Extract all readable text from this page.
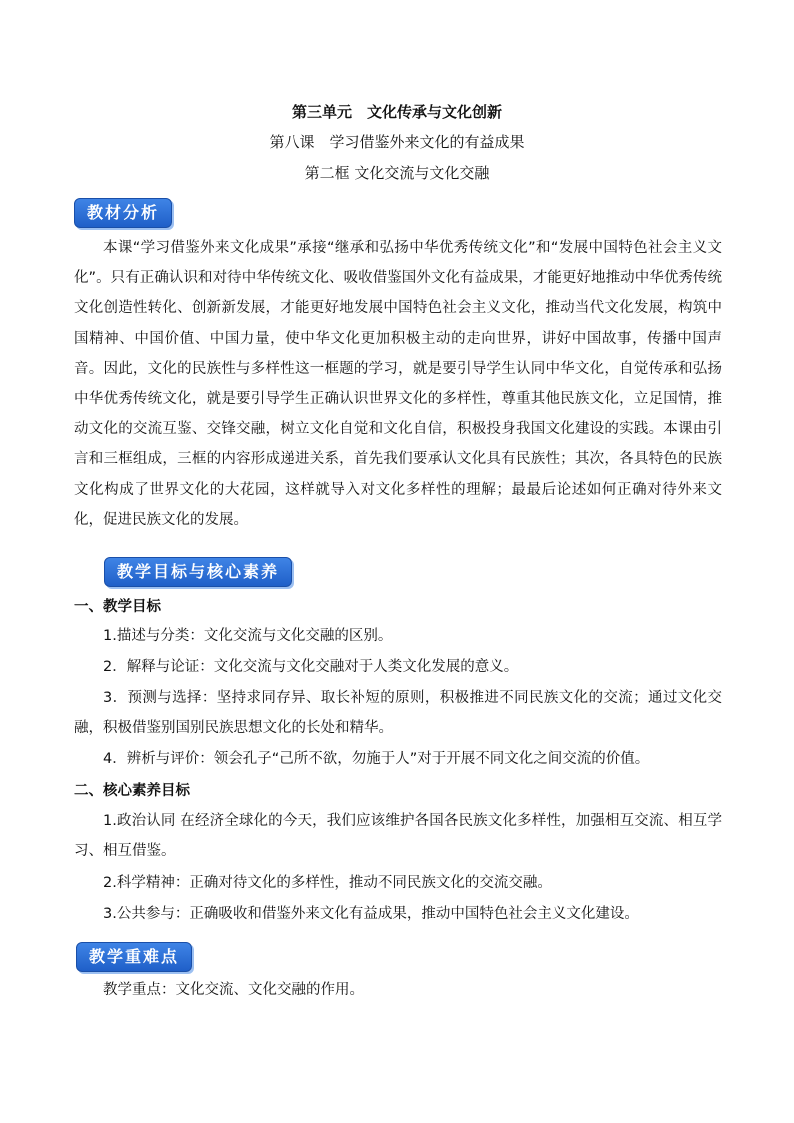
第三单元　文化传承与文化创新
第八课　学习借鉴外来文化的有益成果
第二框 文化交流与文化交融
教材分析
本课“学习借鉴外来文化成果”承接“继承和弘扬中华优秀传统文化”和“发展中国特色社会主义文化”。只有正确认识和对待中华传统文化、吸收借鉴国外文化有益成果，才能更好地推动中华优秀传统文化创造性转化、创新新发展，才能更好地发展中国特色社会主义文化，推动当代文化发展，构筑中国精神、中国价值、中国力量，使中华文化更加积极主动的走向世界，讲好中国故事，传播中国声音。因此，文化的民族性与多样性这一框题的学习，就是要引导学生认同中华文化，自觉传承和弘扬中华优秀传统文化，就是要引导学生正确认识世界文化的多样性，尊重其他民族文化，立足国情，推动文化的交流互鉴、交锋交融，树立文化自觉和文化自信，积极投身我国文化建设的实践。本课由引言和三框组成，三框的内容形成递进关系，首先我们要承认文化具有民族性；其次，各具特色的民族文化构成了世界文化的大花园，这样就导入对文化多样性的理解；最最后论述如何正确对待外来文化，促进民族文化的发展。
教学目标与核心素养
一、教学目标
1.描述与分类：文化交流与文化交融的区别。
2．解释与论证：文化交流与文化交融对于人类文化发展的意义。
3．预测与选择：坚持求同存异、取长补短的原则，积极推进不同民族文化的交流；通过文化交融，积极借鉴别国别民族思想文化的长处和精华。
4．辨析与评价：领会孔子“己所不欲，勿施于人”对于开展不同文化之间交流的价值。
二、核心素养目标
1.政治认同 在经济全球化的今天，我们应该维护各国各民族文化多样性，加强相互交流、相互学习、相互借鉴。
2.科学精神：正确对待文化的多样性，推动不同民族文化的交流交融。
3.公共参与：正确吸收和借鉴外来文化有益成果，推动中国特色社会主义文化建设。
教学重难点
教学重点：文化交流、文化交融的作用。
